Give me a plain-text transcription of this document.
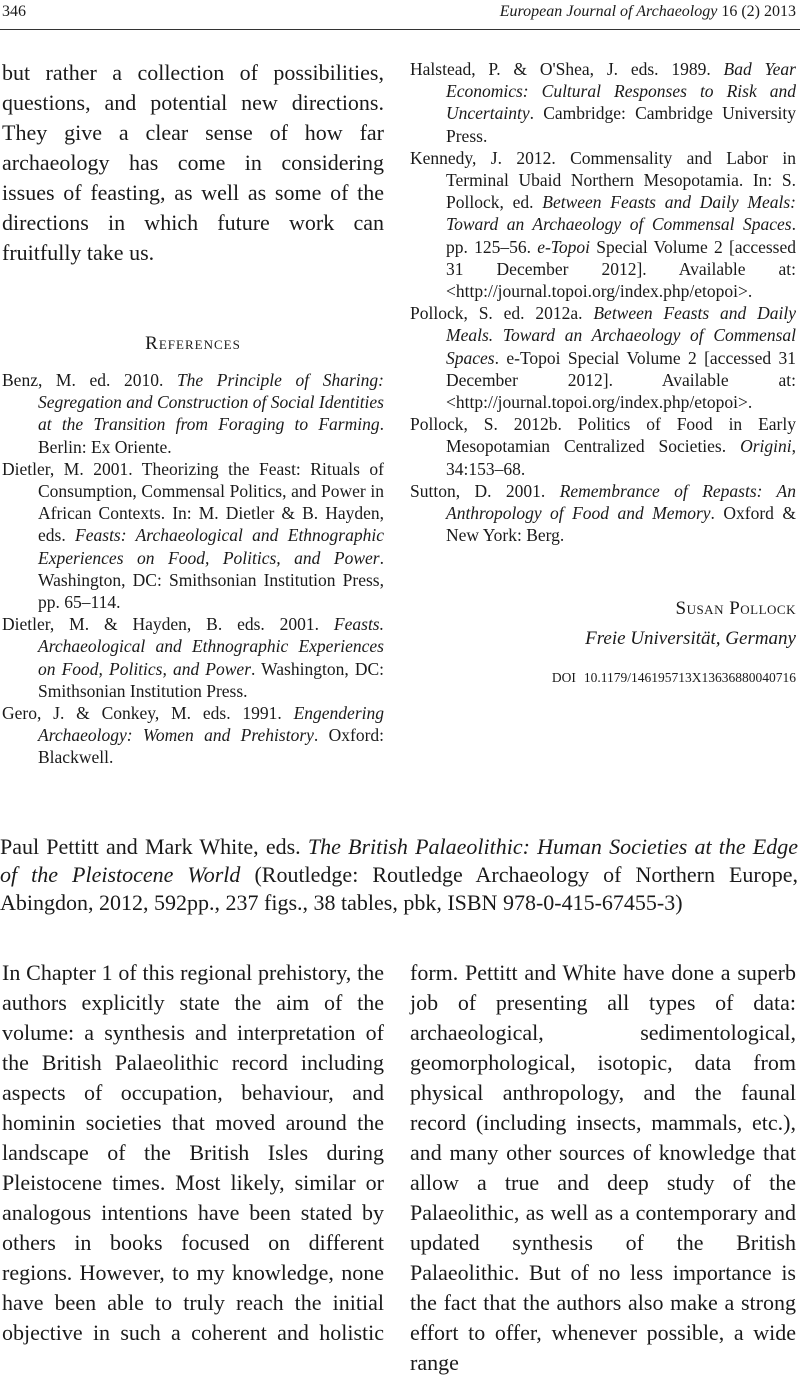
346	European Journal of Archaeology 16 (2) 2013

but rather a collection of possibilities, questions, and potential new directions. They give a clear sense of how far archaeology has come in considering issues of feasting, as well as some of the directions in which future work can fruitfully take us.

References

Benz, M. ed. 2010. The Principle of Sharing: Segregation and Construction of Social Identities at the Transition from Foraging to Farming. Berlin: Ex Oriente.

Dietler, M. 2001. Theorizing the Feast: Rituals of Consumption, Commensal Politics, and Power in African Contexts. In: M. Dietler & B. Hayden, eds. Feasts: Archaeological and Ethnographic Experiences on Food, Politics, and Power. Washington, DC: Smithsonian Institution Press, pp. 65–114.

Dietler, M. & Hayden, B. eds. 2001. Feasts. Archaeological and Ethnographic Experiences on Food, Politics, and Power. Washington, DC: Smithsonian Institution Press.

Gero, J. & Conkey, M. eds. 1991. Engendering Archaeology: Women and Prehistory. Oxford: Blackwell.

Halstead, P. & O'Shea, J. eds. 1989. Bad Year Economics: Cultural Responses to Risk and Uncertainty. Cambridge: Cambridge University Press.

Kennedy, J. 2012. Commensality and Labor in Terminal Ubaid Northern Mesopotamia. In: S. Pollock, ed. Between Feasts and Daily Meals: Toward an Archaeology of Commensal Spaces. pp. 125–56. e-Topoi Special Volume 2 [accessed 31 December 2012]. Available at: <http://journal.topoi.org/index.php/etopoi>.

Pollock, S. ed. 2012a. Between Feasts and Daily Meals. Toward an Archaeology of Commensal Spaces. e-Topoi Special Volume 2 [accessed 31 December 2012]. Available at: <http://journal.topoi.org/index.php/etopoi>.

Pollock, S. 2012b. Politics of Food in Early Mesopotamian Centralized Societies. Origini, 34:153–68.

Sutton, D. 2001. Remembrance of Repasts: An Anthropology of Food and Memory. Oxford & New York: Berg.

Susan Pollock
Freie Universität, Germany
DOI 10.1179/146195713X13636880040716
Paul Pettitt and Mark White, eds. The British Palaeolithic: Human Societies at the Edge of the Pleistocene World (Routledge: Routledge Archaeology of Northern Europe, Abingdon, 2012, 592pp., 237 figs., 38 tables, pbk, ISBN 978-0-415-67455-3)

In Chapter 1 of this regional prehistory, the authors explicitly state the aim of the volume: a synthesis and interpretation of the British Palaeolithic record including aspects of occupation, behaviour, and hominin societies that moved around the landscape of the British Isles during Pleistocene times. Most likely, similar or analogous intentions have been stated by others in books focused on different regions. However, to my knowledge, none have been able to truly reach the initial objective in such a coherent and holistic

form. Pettitt and White have done a superb job of presenting all types of data: archaeological, sedimentological, geomorphological, isotopic, data from physical anthropology, and the faunal record (including insects, mammals, etc.), and many other sources of knowledge that allow a true and deep study of the Palaeolithic, as well as a contemporary and updated synthesis of the British Palaeolithic. But of no less importance is the fact that the authors also make a strong effort to offer, whenever possible, a wide range
